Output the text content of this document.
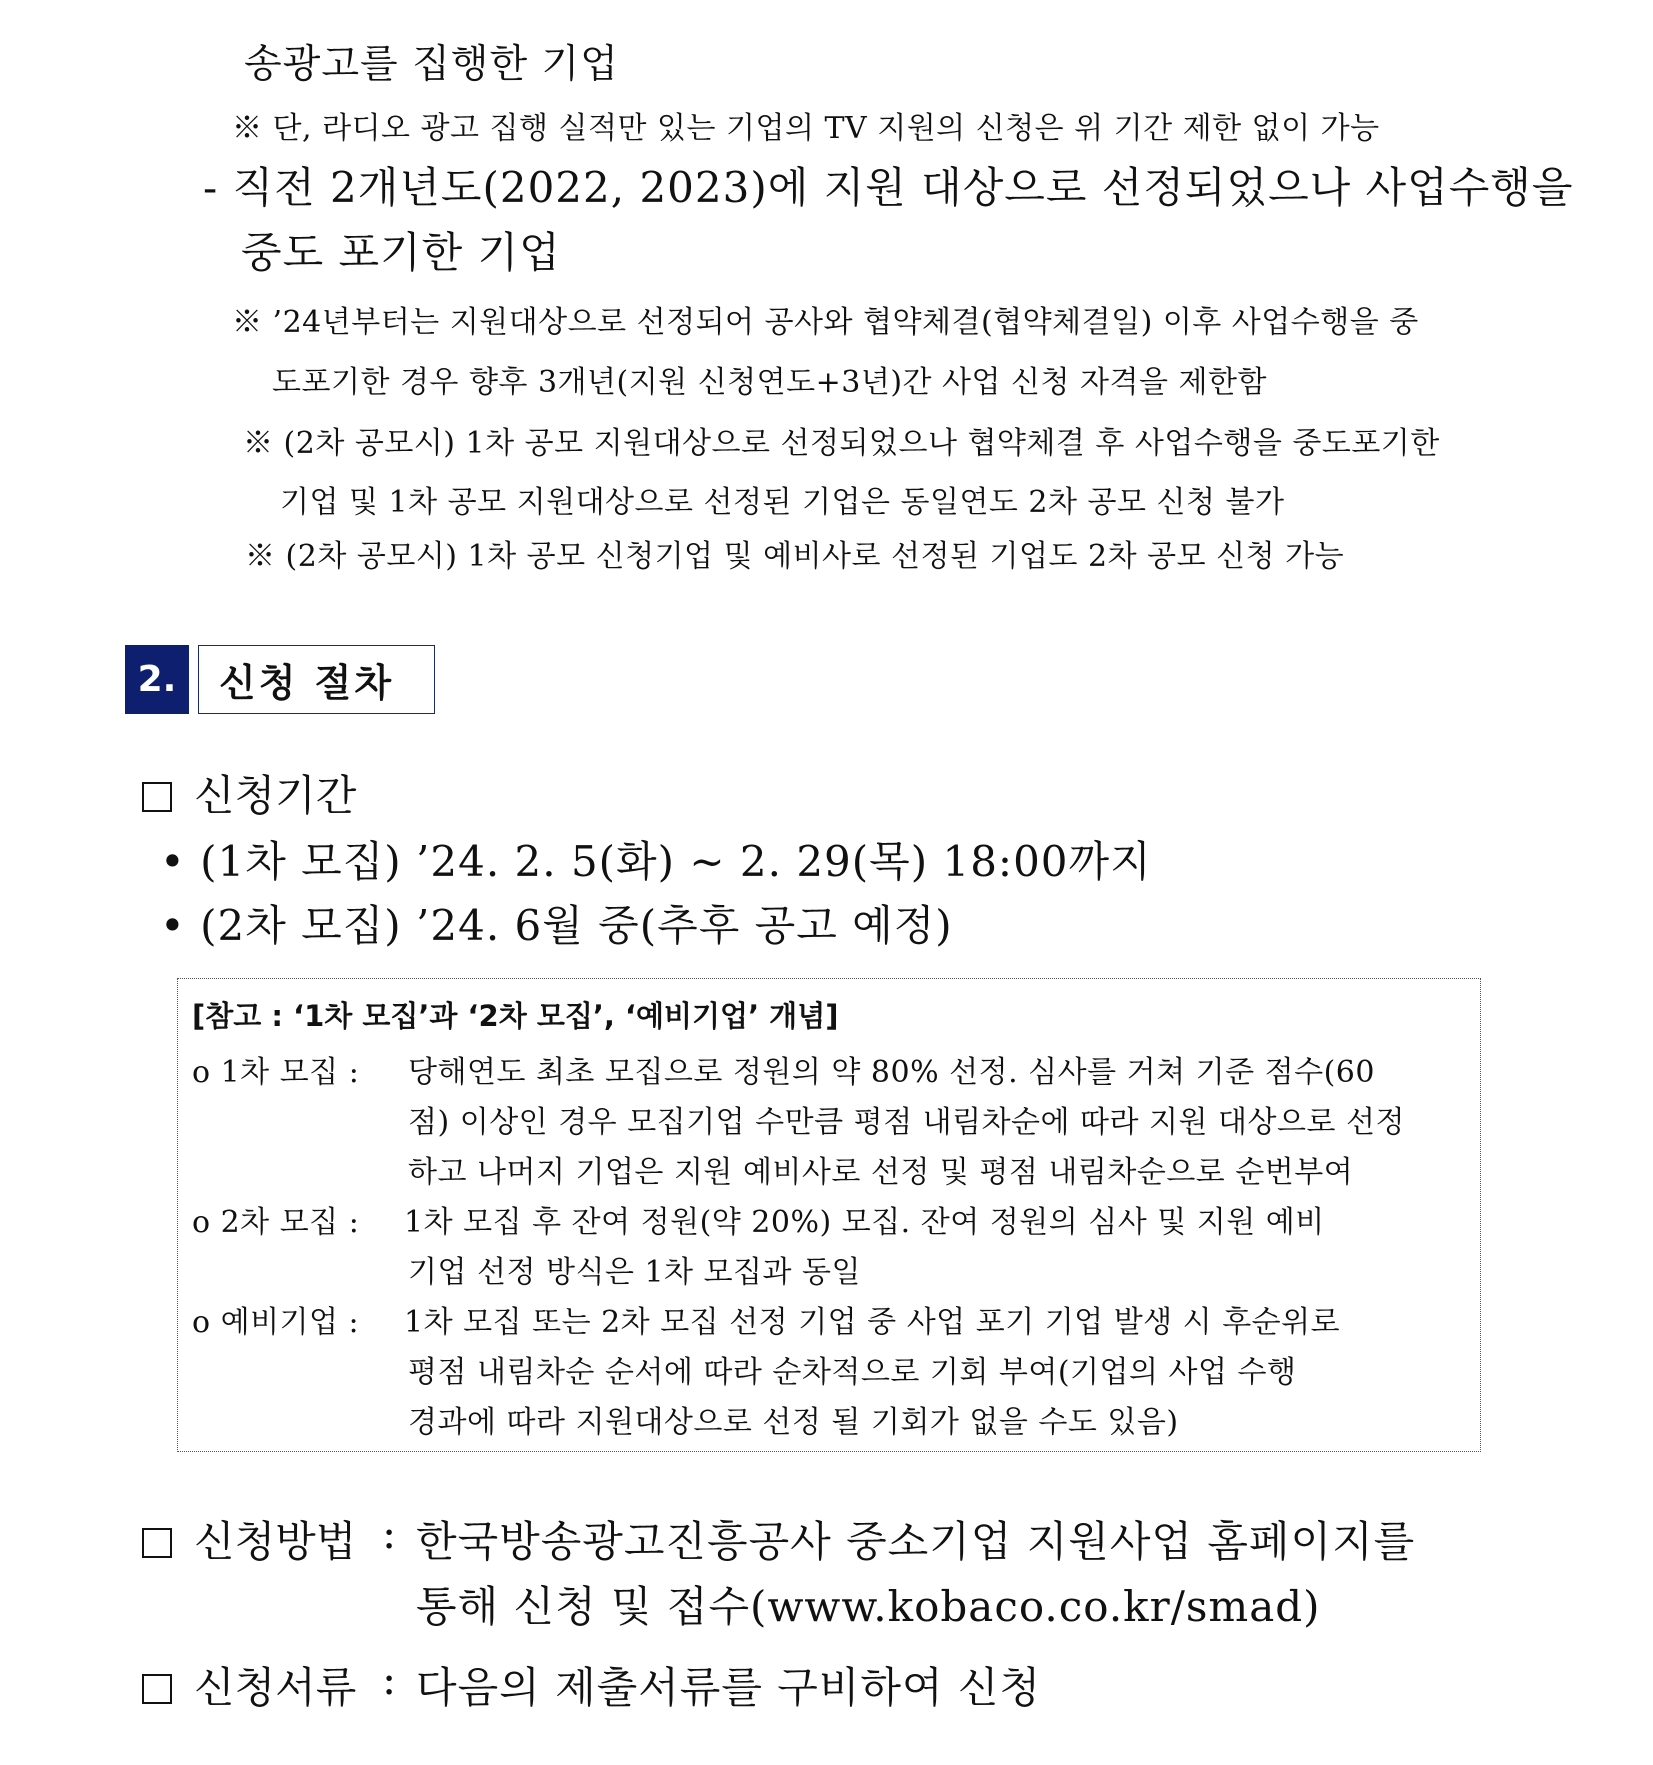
송광고를 집행한 기업
※ 단, 라디오 광고 집행 실적만 있는 기업의 TV 지원의 신청은 위 기간 제한 없이 가능
- 직전 2개년도(2022, 2023)에 지원 대상으로 선정되었으나 사업수행을
중도 포기한 기업
※ ’24년부터는 지원대상으로 선정되어 공사와 협약체결(협약체결일) 이후 사업수행을 중
도포기한 경우 향후 3개년(지원 신청연도+3년)간 사업 신청 자격을 제한함
※ (2차 공모시) 1차 공모 지원대상으로 선정되었으나 협약체결 후 사업수행을 중도포기한
기업 및 1차 공모 지원대상으로 선정된 기업은 동일연도 2차 공모 신청 불가
※ (2차 공모시) 1차 공모 신청기업 및 예비사로 선정된 기업도 2차 공모 신청 가능
2.	신청 절차
신청기간
• (1차 모집) ’24. 2. 5(화) ~ 2. 29(목) 18:00까지
• (2차 모집) ’24. 6월 중(추후 공고 예정)
[참고 : ‘1차 모집’과 ‘2차 모집’, ‘예비기업’ 개념]
o 1차 모집 : 당해연도 최초 모집으로 정원의 약 80% 선정. 심사를 거쳐 기준 점수(60
점) 이상인 경우 모집기업 수만큼 평점 내림차순에 따라 지원 대상으로 선정
하고 나머지 기업은 지원 예비사로 선정 및 평점 내림차순으로 순번부여
o 2차 모집 : 1차 모집 후 잔여 정원(약 20%) 모집. 잔여 정원의 심사 및 지원 예비
기업 선정 방식은 1차 모집과 동일
o 예비기업 : 1차 모집 또는 2차 모집 선정 기업 중 사업 포기 기업 발생 시 후순위로
평점 내림차순 순서에 따라 순차적으로 기회 부여(기업의 사업 수행
경과에 따라 지원대상으로 선정 될 기회가 없을 수도 있음)
신청방법 : 한국방송광고진흥공사 중소기업 지원사업 홈페이지를
통해 신청 및 접수(www.kobaco.co.kr/smad)
신청서류 : 다음의 제출서류를 구비하여 신청
